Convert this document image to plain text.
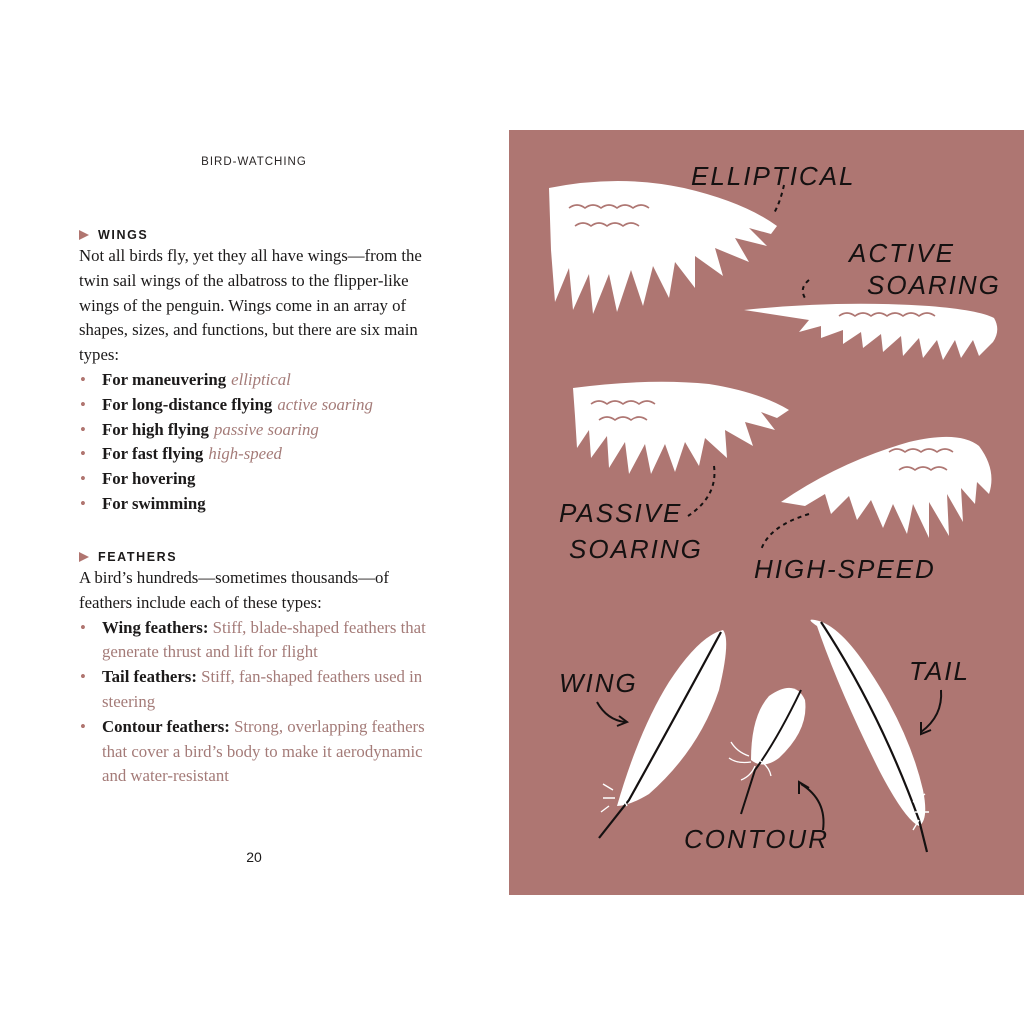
BIRD-WATCHING
WINGS

Not all birds fly, yet they all have wings—from the twin sail wings of the albatross to the flipper-like wings of the penguin. Wings come in an array of shapes, sizes, and functions, but there are six main types:

• For maneuvering elliptical
• For long-distance flying active soaring
• For high flying passive soaring
• For fast flying high-speed
• For hovering
• For swimming
FEATHERS

A bird’s hundreds—sometimes thousands—of feathers include each of these types:

• Wing feathers: Stiff, blade-shaped feathers that generate thrust and lift for flight
• Tail feathers: Stiff, fan-shaped feathers used in steering
• Contour feathers: Strong, overlapping feathers that cover a bird’s body to make it aerodynamic and water-resistant
20
ELLIPTICAL
ACTIVE
SOARING
PASSIVE
SOARING
HIGH-SPEED
WING
CONTOUR
TAIL
